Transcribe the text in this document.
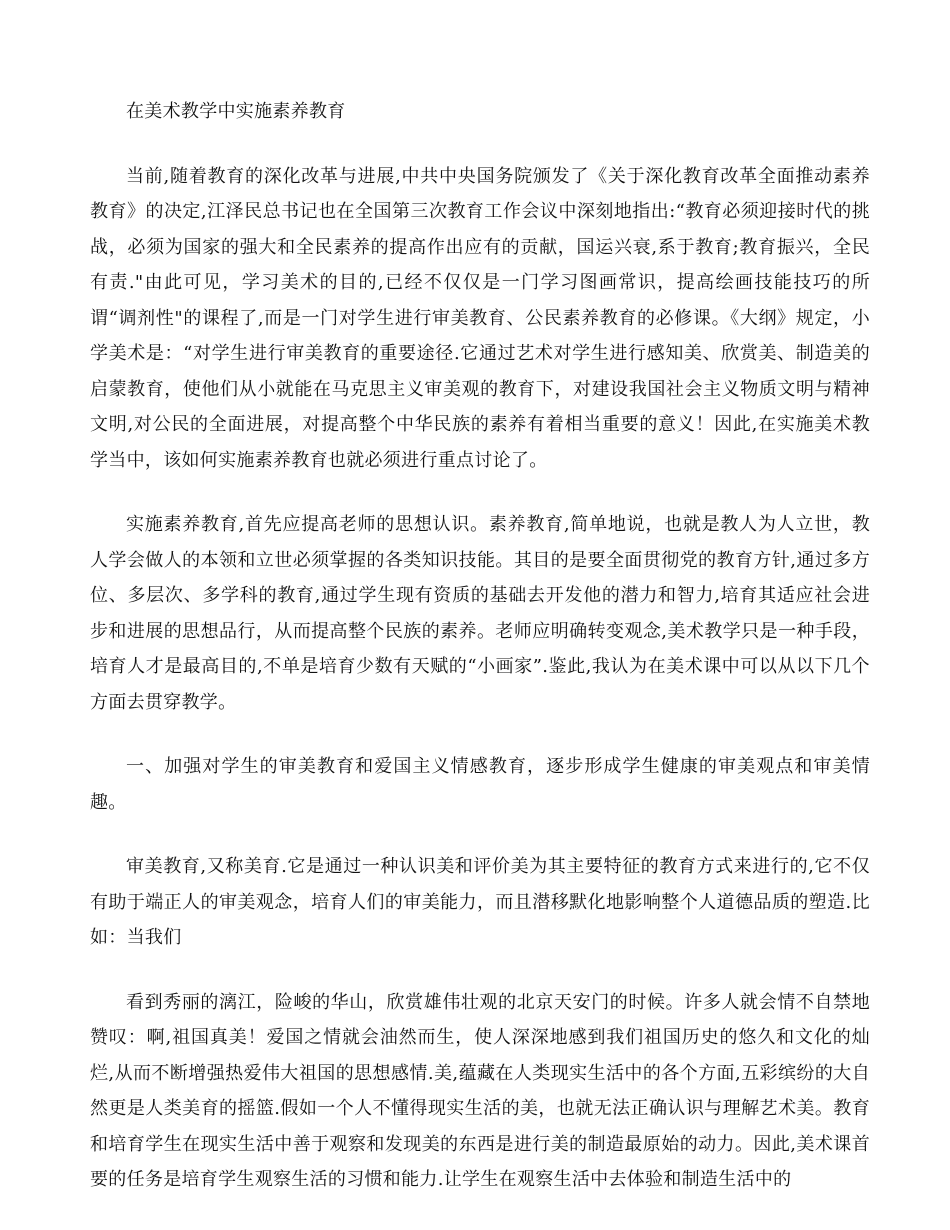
在美术教学中实施素养教育

当前,随着教育的深化改革与进展,中共中央国务院颁发了《关于深化教育改革全面推动素养教育》的决定,江泽民总书记也在全国第三次教育工作会议中深刻地指出:“教育必须迎接时代的挑战，必须为国家的强大和全民素养的提高作出应有的贡献，国运兴衰,系于教育;教育振兴，全民有责."由此可见，学习美术的目的,已经不仅仅是一门学习图画常识，提高绘画技能技巧的所谓“调剂性"的课程了,而是一门对学生进行审美教育、公民素养教育的必修课。《大纲》规定，小学美术是：“对学生进行审美教育的重要途径.它通过艺术对学生进行感知美、欣赏美、制造美的启蒙教育，使他们从小就能在马克思主义审美观的教育下，对建设我国社会主义物质文明与精神文明,对公民的全面进展，对提高整个中华民族的素养有着相当重要的意义！因此,在实施美术教学当中，该如何实施素养教育也就必须进行重点讨论了。

实施素养教育,首先应提高老师的思想认识。素养教育,简单地说，也就是教人为人立世，教人学会做人的本领和立世必须掌握的各类知识技能。其目的是要全面贯彻党的教育方针,通过多方位、多层次、多学科的教育,通过学生现有资质的基础去开发他的潜力和智力,培育其适应社会进步和进展的思想品行，从而提高整个民族的素养。老师应明确转变观念,美术教学只是一种手段，培育人才是最高目的,不单是培育少数有天赋的“小画家”.鉴此,我认为在美术课中可以从以下几个方面去贯穿教学。

一、加强对学生的审美教育和爱国主义情感教育，逐步形成学生健康的审美观点和审美情趣。

审美教育,又称美育.它是通过一种认识美和评价美为其主要特征的教育方式来进行的,它不仅有助于端正人的审美观念，培育人们的审美能力，而且潜移默化地影响整个人道德品质的塑造.比如：当我们

看到秀丽的漓江，险峻的华山，欣赏雄伟壮观的北京天安门的时候。许多人就会情不自禁地赞叹：啊,祖国真美！爱国之情就会油然而生，使人深深地感到我们祖国历史的悠久和文化的灿烂,从而不断增强热爱伟大祖国的思想感情.美,蕴藏在人类现实生活中的各个方面,五彩缤纷的大自然更是人类美育的摇篮.假如一个人不懂得现实生活的美，也就无法正确认识与理解艺术美。教育和培育学生在现实生活中善于观察和发现美的东西是进行美的制造最原始的动力。因此,美术课首要的任务是培育学生观察生活的习惯和能力.让学生在观察生活中去体验和制造生活中的
